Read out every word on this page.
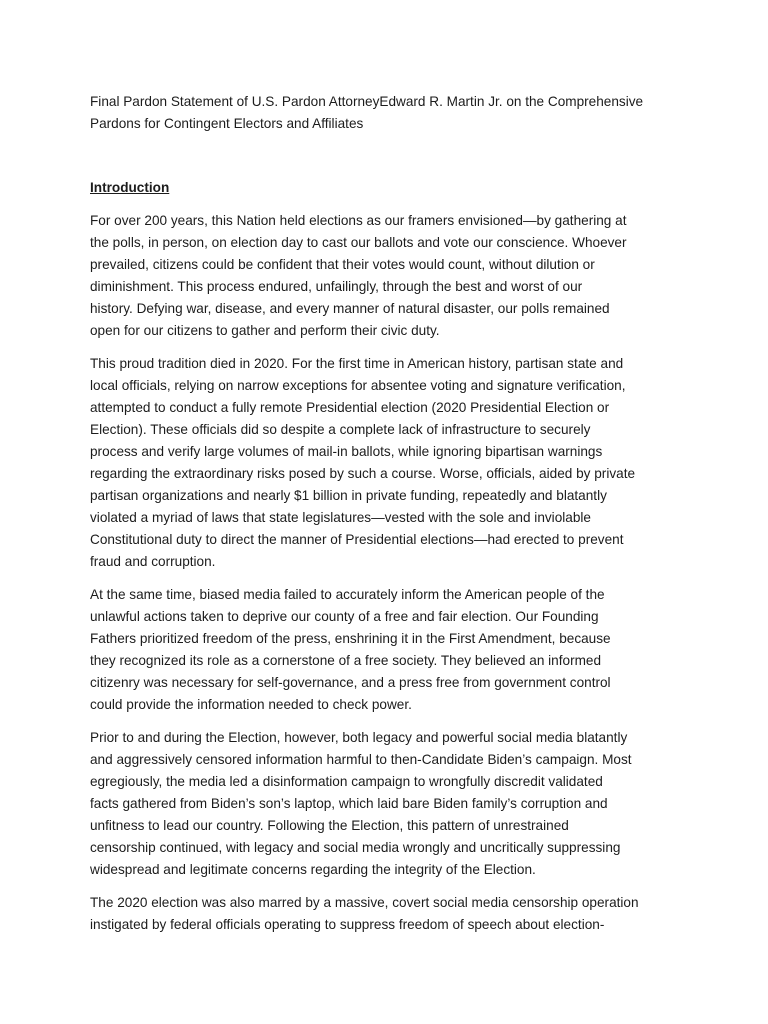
Final Pardon Statement of U.S. Pardon AttorneyEdward R. Martin Jr. on the Comprehensive Pardons for Contingent Electors and Affiliates

Introduction

For over 200 years, this Nation held elections as our framers envisioned—by gathering at
the polls, in person, on election day to cast our ballots and vote our conscience. Whoever
prevailed, citizens could be confident that their votes would count, without dilution or
diminishment. This process endured, unfailingly, through the best and worst of our
history. Defying war, disease, and every manner of natural disaster, our polls remained
open for our citizens to gather and perform their civic duty.

This proud tradition died in 2020. For the first time in American history, partisan state and
local officials, relying on narrow exceptions for absentee voting and signature verification,
attempted to conduct a fully remote Presidential election (2020 Presidential Election or
Election). These officials did so despite a complete lack of infrastructure to securely
process and verify large volumes of mail-in ballots, while ignoring bipartisan warnings
regarding the extraordinary risks posed by such a course. Worse, officials, aided by private
partisan organizations and nearly $1 billion in private funding, repeatedly and blatantly
violated a myriad of laws that state legislatures—vested with the sole and inviolable
Constitutional duty to direct the manner of Presidential elections—had erected to prevent
fraud and corruption.

At the same time, biased media failed to accurately inform the American people of the
unlawful actions taken to deprive our county of a free and fair election. Our Founding
Fathers prioritized freedom of the press, enshrining it in the First Amendment, because
they recognized its role as a cornerstone of a free society. They believed an informed
citizenry was necessary for self-governance, and a press free from government control
could provide the information needed to check power.

Prior to and during the Election, however, both legacy and powerful social media blatantly
and aggressively censored information harmful to then-Candidate Biden’s campaign. Most
egregiously, the media led a disinformation campaign to wrongfully discredit validated
facts gathered from Biden’s son’s laptop, which laid bare Biden family’s corruption and
unfitness to lead our country. Following the Election, this pattern of unrestrained
censorship continued, with legacy and social media wrongly and uncritically suppressing
widespread and legitimate concerns regarding the integrity of the Election.

The 2020 election was also marred by a massive, covert social media censorship operation
instigated by federal officials operating to suppress freedom of speech about election-
